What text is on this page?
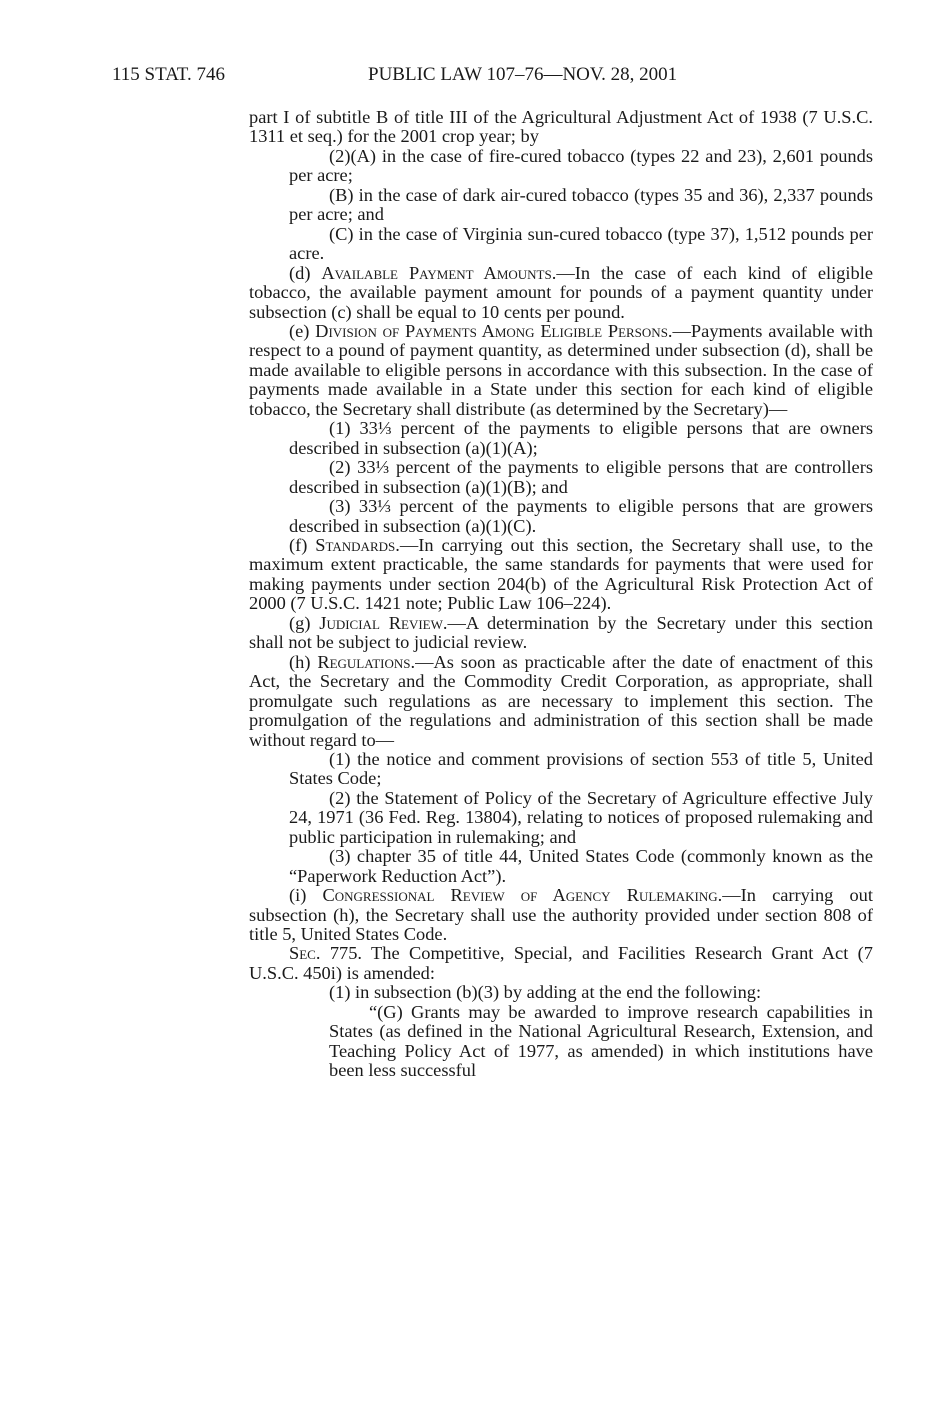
115 STAT. 746	PUBLIC LAW 107–76—NOV. 28, 2001

part I of subtitle B of title III of the Agricultural Adjustment Act of 1938 (7 U.S.C. 1311 et seq.) for the 2001 crop year; by

(2)(A) in the case of fire-cured tobacco (types 22 and 23), 2,601 pounds per acre;

(B) in the case of dark air-cured tobacco (types 35 and 36), 2,337 pounds per acre; and

(C) in the case of Virginia sun-cured tobacco (type 37), 1,512 pounds per acre.

(d) Available Payment Amounts.—In the case of each kind of eligible tobacco, the available payment amount for pounds of a payment quantity under subsection (c) shall be equal to 10 cents per pound.

(e) Division of Payments Among Eligible Persons.—Payments available with respect to a pound of payment quantity, as determined under subsection (d), shall be made available to eligible persons in accordance with this subsection. In the case of payments made available in a State under this section for each kind of eligible tobacco, the Secretary shall distribute (as determined by the Secretary)—

(1) 33⅓ percent of the payments to eligible persons that are owners described in subsection (a)(1)(A);

(2) 33⅓ percent of the payments to eligible persons that are controllers described in subsection (a)(1)(B); and

(3) 33⅓ percent of the payments to eligible persons that are growers described in subsection (a)(1)(C).

(f) Standards.—In carrying out this section, the Secretary shall use, to the maximum extent practicable, the same standards for payments that were used for making payments under section 204(b) of the Agricultural Risk Protection Act of 2000 (7 U.S.C. 1421 note; Public Law 106–224).

(g) Judicial Review.—A determination by the Secretary under this section shall not be subject to judicial review.

(h) Regulations.—As soon as practicable after the date of enactment of this Act, the Secretary and the Commodity Credit Corporation, as appropriate, shall promulgate such regulations as are necessary to implement this section. The promulgation of the regulations and administration of this section shall be made without regard to—

(1) the notice and comment provisions of section 553 of title 5, United States Code;

(2) the Statement of Policy of the Secretary of Agriculture effective July 24, 1971 (36 Fed. Reg. 13804), relating to notices of proposed rulemaking and public participation in rulemaking; and

(3) chapter 35 of title 44, United States Code (commonly known as the “Paperwork Reduction Act”).

(i) Congressional Review of Agency Rulemaking.—In carrying out subsection (h), the Secretary shall use the authority provided under section 808 of title 5, United States Code.

Sec. 775. The Competitive, Special, and Facilities Research Grant Act (7 U.S.C. 450i) is amended:

(1) in subsection (b)(3) by adding at the end the following:

“(G) Grants may be awarded to improve research capabilities in States (as defined in the National Agricultural Research, Extension, and Teaching Policy Act of 1977, as amended) in which institutions have been less successful
